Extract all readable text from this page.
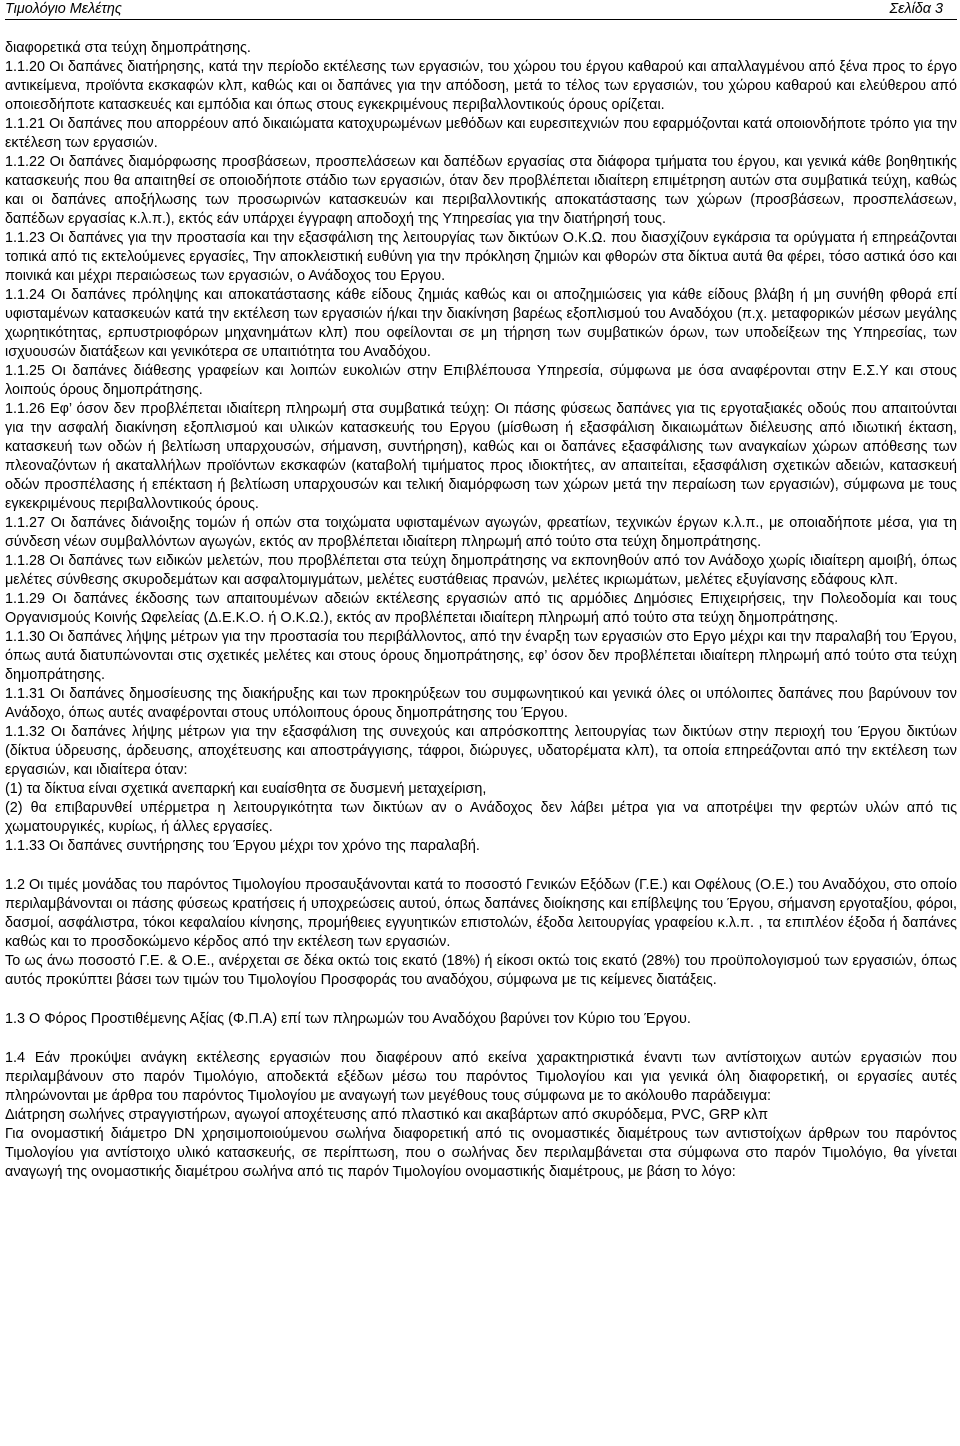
Τιμολόγιο Μελέτης	Σελίδα 3

διαφορετικά στα τεύχη δημοπράτησης.

1.1.20 Οι δαπάνες διατήρησης, κατά την περίοδο εκτέλεσης των εργασιών, του χώρου του έργου καθαρού και απαλλαγμένου από ξένα προς το έργο αντικείμενα, προϊόντα εκσκαφών κλπ, καθώς και οι δαπάνες για την απόδοση, μετά το τέλος των εργασιών, του χώρου καθαρού και ελεύθερου από οποιεσδήποτε κατασκευές και εμπόδια και όπως στους εγκεκριμένους περιβαλλοντικούς όρους ορίζεται.

1.1.21 Οι δαπάνες που απορρέουν από δικαιώματα κατοχυρωμένων μεθόδων και ευρεσιτεχνιών που εφαρμόζονται κατά οποιονδήποτε τρόπο για την εκτέλεση των εργασιών.

1.1.22 Οι δαπάνες διαμόρφωσης προσβάσεων, προσπελάσεων και δαπέδων εργασίας στα διάφορα τμήματα του έργου, και γενικά κάθε βοηθητικής κατασκευής που θα απαιτηθεί σε οποιοδήποτε στάδιο των εργασιών, όταν δεν προβλέπεται ιδιαίτερη επιμέτρηση αυτών στα συμβατικά τεύχη, καθώς και οι δαπάνες αποξήλωσης των προσωρινών κατασκευών και περιβαλλοντικής αποκατάστασης των χώρων (προσβάσεων, προσπελάσεων, δαπέδων εργασίας κ.λ.π.), εκτός εάν υπάρχει έγγραφη αποδοχή της Υπηρεσίας για την διατήρησή τους.

1.1.23 Οι δαπάνες για την προστασία και την εξασφάλιση της λειτουργίας των δικτύων Ο.Κ.Ω. που διασχίζουν εγκάρσια τα ορύγματα ή επηρεάζονται τοπικά από τις εκτελούμενες εργασίες, Την αποκλειστική ευθύνη για την πρόκληση ζημιών και φθορών στα δίκτυα αυτά θα φέρει, τόσο αστικά όσο και ποινικά και μέχρι περαιώσεως των εργασιών, ο Ανάδοχος του Εργου.

1.1.24 Οι δαπάνες πρόληψης και αποκατάστασης κάθε είδους ζημιάς καθώς και οι αποζημιώσεις για κάθε είδους βλάβη ή μη συνήθη φθορά επί υφισταμένων κατασκευών κατά την εκτέλεση των εργασιών ή/και την διακίνηση βαρέως εξοπλισμού του Αναδόχου (π.χ. μεταφορικών μέσων μεγάλης χωρητικότητας, ερπυστριοφόρων μηχανημάτων κλπ) που οφείλονται σε μη τήρηση των συμβατικών όρων, των υποδείξεων της Υπηρεσίας, των ισχυουσών διατάξεων και γενικότερα σε υπαιτιότητα του Αναδόχου.

1.1.25 Οι δαπάνες διάθεσης γραφείων και λοιπών ευκολιών στην Επιβλέπουσα Υπηρεσία, σύμφωνα με όσα αναφέρονται στην Ε.Σ.Υ και στους λοιπούς όρους δημοπράτησης.

1.1.26 Εφ’ όσον δεν προβλέπεται ιδιαίτερη πληρωμή στα συμβατικά τεύχη: Οι πάσης φύσεως δαπάνες για τις εργοταξιακές οδούς που απαιτούνται για την ασφαλή διακίνηση εξοπλισμού και υλικών κατασκευής του Εργου (μίσθωση ή εξασφάλιση δικαιωμάτων διέλευσης από ιδιωτική έκταση, κατασκευή των οδών ή βελτίωση υπαρχουσών, σήμανση, συντήρηση), καθώς και οι δαπάνες εξασφάλισης των αναγκαίων χώρων απόθεσης των πλεοναζόντων ή ακαταλλήλων προϊόντων εκσκαφών (καταβολή τιμήματος προς ιδιοκτήτες, αν απαιτείται, εξασφάλιση σχετικών αδειών, κατασκευή οδών προσπέλασης ή επέκταση ή βελτίωση υπαρχουσών και τελική διαμόρφωση των χώρων μετά την περαίωση των εργασιών), σύμφωνα με τους εγκεκριμένους περιβαλλοντικούς όρους.

1.1.27 Οι δαπάνες διάνοιξης τομών ή οπών στα τοιχώματα υφισταμένων αγωγών, φρεατίων, τεχνικών έργων κ.λ.π., με οποιαδήποτε μέσα, για τη σύνδεση νέων συμβαλλόντων αγωγών, εκτός αν προβλέπεται ιδιαίτερη πληρωμή από τούτο στα τεύχη δημοπράτησης.

1.1.28 Οι δαπάνες των ειδικών μελετών, που προβλέπεται στα τεύχη δημοπράτησης να εκπονηθούν από τον Ανάδοχο χωρίς ιδιαίτερη αμοιβή, όπως μελέτες σύνθεσης σκυροδεμάτων και ασφαλτομιγμάτων, μελέτες ευστάθειας πρανών, μελέτες ικριωμάτων, μελέτες εξυγίανσης εδάφους κλπ.

1.1.29 Οι δαπάνες έκδοσης των απαιτουμένων αδειών εκτέλεσης εργασιών από τις αρμόδιες Δημόσιες Επιχειρήσεις, την Πολεοδομία και τους Οργανισμούς Κοινής Ωφελείας (Δ.Ε.Κ.Ο. ή Ο.Κ.Ω.), εκτός αν προβλέπεται ιδιαίτερη πληρωμή από τούτο στα τεύχη δημοπράτησης.

1.1.30 Οι δαπάνες λήψης μέτρων για την προστασία του περιβάλλοντος, από την έναρξη των εργασιών στο Εργο μέχρι και την παραλαβή του Έργου, όπως αυτά διατυπώνονται στις σχετικές μελέτες και στους όρους δημοπράτησης, εφ’ όσον δεν προβλέπεται ιδιαίτερη πληρωμή από τούτο στα τεύχη δημοπράτησης.

1.1.31 Οι δαπάνες δημοσίευσης της διακήρυξης και των προκηρύξεων του συμφωνητικού και γενικά όλες οι υπόλοιπες δαπάνες που βαρύνουν τον Ανάδοχο, όπως αυτές αναφέρονται στους υπόλοιπους όρους δημοπράτησης του Έργου.

1.1.32 Οι δαπάνες λήψης μέτρων για την εξασφάλιση της συνεχούς και απρόσκοπτης λειτουργίας των δικτύων στην περιοχή του Έργου δικτύων (δίκτυα ύδρευσης, άρδευσης, αποχέτευσης και αποστράγγισης, τάφροι, διώρυγες, υδατορέματα κλπ), τα οποία επηρεάζονται από την εκτέλεση των εργασιών, και ιδιαίτερα όταν:

(1) τα δίκτυα είναι σχετικά ανεπαρκή και ευαίσθητα σε δυσμενή μεταχείριση,

(2) θα επιβαρυνθεί υπέρμετρα η λειτουργικότητα των δικτύων αν ο Ανάδοχος δεν λάβει μέτρα για να αποτρέψει την φερτών υλών από τις χωματουργικές, κυρίως, ή άλλες εργασίες.

1.1.33 Οι δαπάνες συντήρησης του Έργου μέχρι τον χρόνο της παραλαβή.

1.2 Οι τιμές μονάδας του παρόντος Τιμολογίου προσαυξάνονται κατά το ποσοστό Γενικών Εξόδων (Γ.Ε.) και Οφέλους (Ο.Ε.) του Αναδόχου, στο οποίο περιλαμβάνονται οι πάσης φύσεως κρατήσεις ή υποχρεώσεις αυτού, όπως δαπάνες διοίκησης και επίβλεψης του Έργου, σήμανση εργοταξίου, φόροι, δασμοί, ασφάλιστρα, τόκοι κεφαλαίου κίνησης, προμήθειες εγγυητικών επιστολών, έξοδα λειτουργίας γραφείου κ.λ.π. , τα επιπλέον έξοδα ή δαπάνες καθώς και το προσδοκώμενο κέρδος από την εκτέλεση των εργασιών.

Το ως άνω ποσοστό Γ.Ε. & Ο.Ε., ανέρχεται σε δέκα οκτώ τοις εκατό (18%) ή είκοσι οκτώ τοις εκατό (28%) του προϋπολογισμού των εργασιών, όπως αυτός προκύπτει βάσει των τιμών του Τιμολογίου Προσφοράς του αναδόχου, σύμφωνα με τις κείμενες διατάξεις.

1.3 Ο Φόρος Προστιθέμενης Αξίας (Φ.Π.Α) επί των πληρωμών του Αναδόχου βαρύνει τον Κύριο του Έργου.

1.4 Εάν προκύψει ανάγκη εκτέλεσης εργασιών που διαφέρουν από εκείνα χαρακτηριστικά έναντι των αντίστοιχων αυτών εργασιών που περιλαμβάνουν στο παρόν Τιμολόγιο, αποδεκτά εξέδων μέσω του παρόντος Τιμολογίου και για γενικά όλη διαφορετική, οι εργασίες αυτές πληρώνονται με άρθρα του παρόντος Τιμολογίου με αναγωγή των μεγέθους τους σύμφωνα με το ακόλουθο παράδειγμα:

Διάτρηση σωλήνες στραγγιστήρων, αγωγοί αποχέτευσης από πλαστικό και ακαβάρτων από σκυρόδεμα, PVC, GRP κλπ

Για ονομαστική διάμετρο DN χρησιμοποιούμενου σωλήνα διαφορετική από τις ονομαστικές διαμέτρους των αντιστοίχων άρθρων του παρόντος Τιμολογίου για αντίστοιχο υλικό κατασκευής, σε περίπτωση, που ο σωλήνας δεν περιλαμβάνεται στα σύμφωνα στο παρόν Τιμολόγιο, θα γίνεται αναγωγή της ονομαστικής διαμέτρου σωλήνα από τις παρόν Τιμολογίου ονομαστικής διαμέτρους, με βάση το λόγο:
